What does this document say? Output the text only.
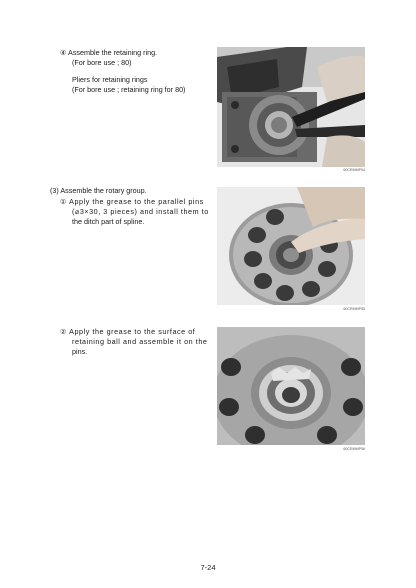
④ Assemble the retaining ring.
(For bore use ; 80)
Pliers for retaining rings
(For bore use ; retaining ring for 80)
60CRMMP54
(3) Assemble the rotary group.
① Apply the grease to the parallel pins
(⌀3×30, 3 pieces) and install them to
the ditch part of spline.
60CRMMP55
② Apply the grease to the surface of
retaining ball and assemble it on the
pins.
60CRMMP56
7-24
